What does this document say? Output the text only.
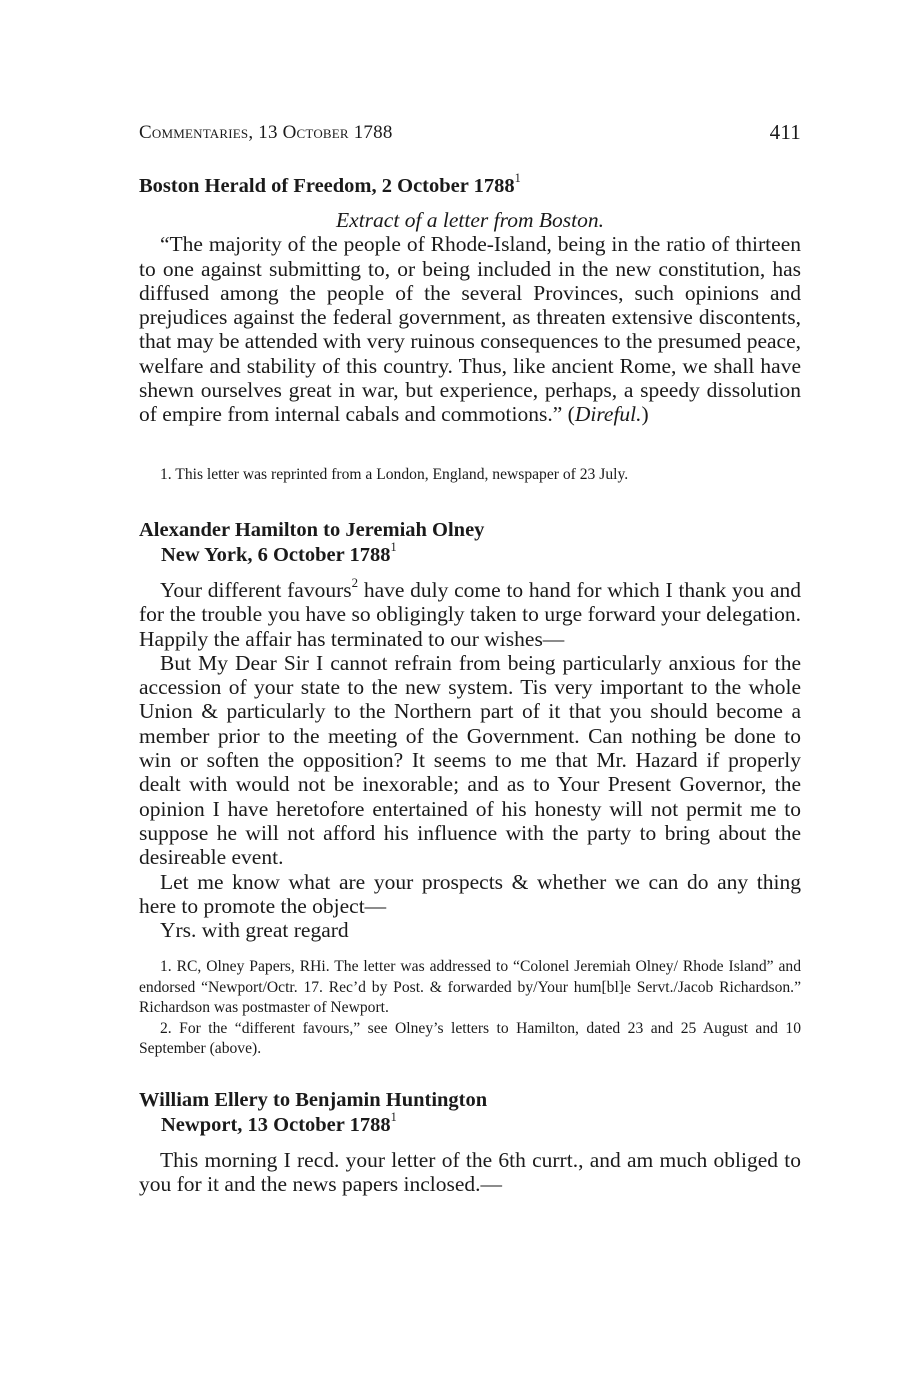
Commentaries, 13 October 1788	411
Boston Herald of Freedom, 2 October 1788$^1$

Extract of a letter from Boston.

“The majority of the people of Rhode-Island, being in the ratio of thirteen to one against submitting to, or being included in the new constitution, has diffused among the people of the several Provinces, such opinions and prejudices against the federal government, as threaten extensive discontents, that may be attended with very ruinous consequences to the presumed peace, welfare and stability of this country. Thus, like ancient Rome, we shall have shewn ourselves great in war, but experience, perhaps, a speedy dissolution of empire from internal cabals and commotions.” (Direful.)

1. This letter was reprinted from a London, England, newspaper of 23 July.

Alexander Hamilton to Jeremiah Olney
New York, 6 October 1788$^1$

Your different favours$^2$ have duly come to hand for which I thank you and for the trouble you have so obligingly taken to urge forward your delegation. Happily the affair has terminated to our wishes—

But My Dear Sir I cannot refrain from being particularly anxious for the accession of your state to the new system. Tis very important to the whole Union & particularly to the Northern part of it that you should become a member prior to the meeting of the Government. Can nothing be done to win or soften the opposition? It seems to me that Mr. Hazard if properly dealt with would not be inexorable; and as to Your Present Governor, the opinion I have heretofore entertained of his honesty will not permit me to suppose he will not afford his influence with the party to bring about the desireable event.

Let me know what are your prospects & whether we can do any thing here to promote the object—

Yrs. with great regard

1. RC, Olney Papers, RHi. The letter was addressed to “Colonel Jeremiah Olney/ Rhode Island” and endorsed “Newport/Octr. 17. Rec’d by Post. & forwarded by/Your hum[bl]e Servt./Jacob Richardson.” Richardson was postmaster of Newport.

2. For the “different favours,” see Olney’s letters to Hamilton, dated 23 and 25 August and 10 September (above).

William Ellery to Benjamin Huntington
Newport, 13 October 1788$^1$

This morning I recd. your letter of the 6th currt., and am much obliged to you for it and the news papers inclosed.—
